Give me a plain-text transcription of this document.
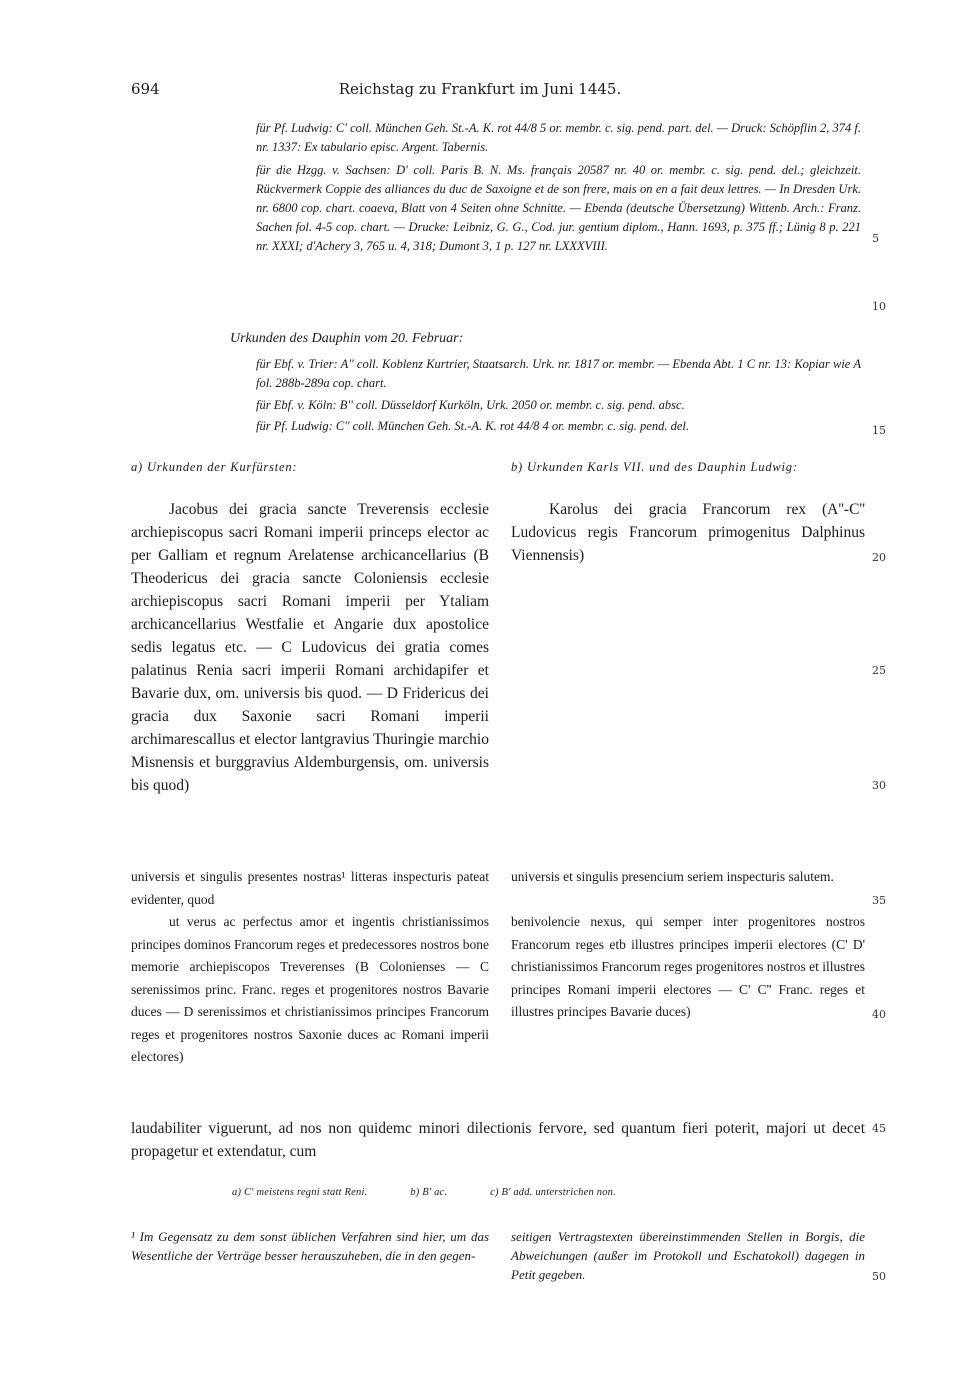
694	Reichstag zu Frankfurt im Juni 1445.

für Pf. Ludwig: C' coll. München Geh. St.-A. K. rot 44/8 5 or. membr. c. sig. pend. part. del. — Druck: Schöpflin 2, 374 f. nr. 1337: Ex tabulario episc. Argent. Tabernis.

für die Hzgg. v. Sachsen: D' coll. Paris B. N. Ms. français 20587 nr. 40 or. membr. c. sig. pend. del.; gleichzeit. Rückvermerk Coppie des alliances du duc de Saxoigne et de son frere, mais on en a fait deux lettres. — In Dresden Urk. nr. 6800 cop. chart. coaeva, Blatt von 4 Seiten ohne Schnitte. — Ebenda (deutsche Übersetzung) Wittenb. Arch.: Franz. Sachen fol. 4-5 cop. chart. — Drucke: Leibniz, G. G., Cod. jur. gentium diplom., Hann. 1693, p. 375 ff.; Lünig 8 p. 221 nr. XXXI; d'Achery 3, 765 u. 4, 318; Dumont 3, 1 p. 127 nr. LXXXVIII.

Urkunden des Dauphin vom 20. Februar:

für Ebf. v. Trier: A'' coll. Koblenz Kurtrier, Staatsarch. Urk. nr. 1817 or. membr. — Ebenda Abt. 1 C nr. 13: Kopiar wie A fol. 288b-289a cop. chart.

für Ebf. v. Köln: B'' coll. Düsseldorf Kurköln, Urk. 2050 or. membr. c. sig. pend. absc.

für Pf. Ludwig: C'' coll. München Geh. St.-A. K. rot 44/8 4 or. membr. c. sig. pend. del.

a) Urkunden der Kurfürsten:	b) Urkunden Karls VII. und des Dauphin Ludwig:

Jacobus dei gracia sancte Treverensis ecclesie archiepiscopus sacri Romani imperii princeps elector ac per Galliam et regnum Arelatense archicancellarius (B Theodericus dei gracia sancte Coloniensis ecclesie archiepiscopus sacri Romani imperii per Ytaliam archicancellarius Westfalie et Angarie dux apostolice sedis legatus etc. — C Ludovicus dei gratia comes palatinus Renia sacri imperii Romani archidapifer et Bavarie dux, om. universis bis quod. — D Fridericus dei gracia dux Saxonie sacri Romani imperii archimarescallus et elector lantgravius Thuringie marchio Misnensis et burggravius Aldemburgensis, om. universis bis quod)

Karolus dei gracia Francorum rex (A''-C'' Ludovicus regis Francorum primogenitus Dalphinus Viennensis)

universis et singulis presentes nostras¹ litteras inspecturis pateat evidenter, quod

universis et singulis presencium seriem inspecturis salutem.

ut verus ac perfectus amor et ingentis christianissimos principes dominos Francorum reges et predecessores nostros bone memorie archiepiscopos Treverenses (B Colonienses — C serenissimos princ. Franc. reges et progenitores nostros Bavarie duces — D serenissimos et christianissimos principes Francorum reges et progenitores nostros Saxonie duces ac Romani imperii electores)

benivolencie nexus, qui semper inter progenitores nostros Francorum reges etb illustres principes imperii electores (C' D' christianissimos Francorum reges progenitores nostros et illustres principes Romani imperii electores — C' C'' Franc. reges et illustres principes Bavarie duces)

laudabiliter viguerunt, ad nos non quidemc minori dilectionis fervore, sed quantum fieri poterit, majori ut decet propagetur et extendatur, cum

a) C' meistens regni statt Reni.	b) B' ac.	c) B' add. unterstrichen non.

¹ Im Gegensatz zu dem sonst üblichen Verfahren sind hier, um das Wesentliche der Verträge besser herauszuheben, die in den gegen-

seitigen Vertragstexten übereinstimmenden Stellen in Borgis, die Abweichungen (außer im Protokoll und Eschatokoll) dagegen in Petit gegeben.

5
10
15
20
25
30
35
40
45
50
